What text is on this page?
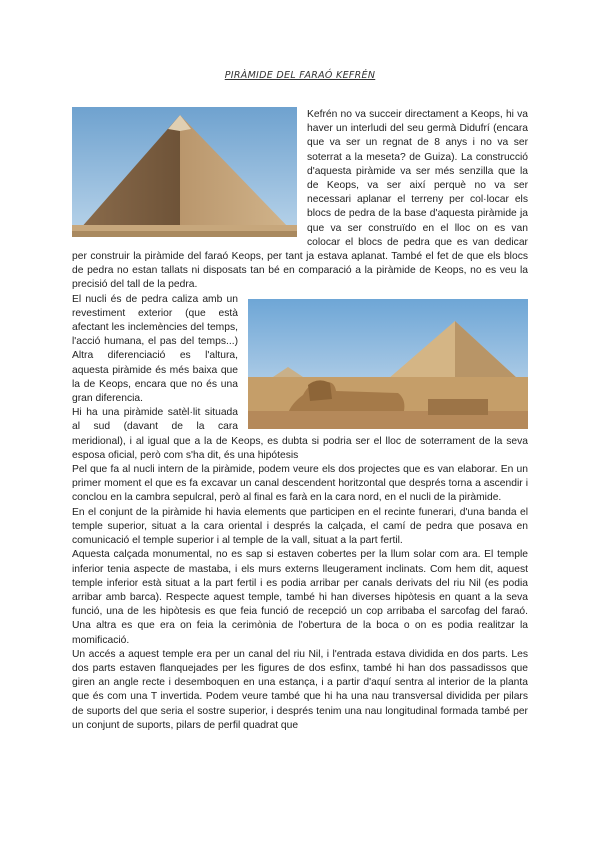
PIRÀMIDE DEL FARAÓ KEFRÉN

Kefrén no va succeir directament a Keops, hi va haver un interludi del seu germà Didufrí (encara que va ser un regnat de 8 anys i no va ser soterrat a la meseta? de Guiza). La construcció d'aquesta piràmide va ser més senzilla que la de Keops, va ser així perquè no va ser necessari aplanar el terreny per col·locar els blocs de pedra de la base d'aquesta piràmide ja que va ser construïdo en el lloc on es van colocar el blocs de pedra que es van dedicar per construir la piràmide del faraó Keops, per tant ja estava aplanat. També el fet de que els blocs de pedra no estan tallats ni disposats tan bé en comparació a la piràmide de Keops, no es veu la precisió del tall de la pedra.

El nucli és de pedra caliza amb un revestiment exterior (que està afectant les inclemències del temps, l'acció humana, el pas del temps...) Altra diferenciació es l'altura, aquesta piràmide és més baixa que la de Keops, encara que no és una gran diferencia.

Hi ha una piràmide satèl·lit situada al sud (davant de la cara meridional), i al igual que a la de Keops, es dubta si podria ser el lloc de soterrament de la seva esposa oficial, però com s'ha dit, és una hipótesis

Pel que fa al nucli intern de la piràmide, podem veure els dos projectes que es van elaborar. En un primer moment el que es fa excavar un canal descendent horitzontal que després torna a ascendir i conclou en la cambra sepulcral, però al final es farà en la cara nord, en el nucli de la piràmide.

En el conjunt de la piràmide hi havia elements que participen en el recinte funerari, d'una banda el temple superior, situat a la cara oriental i després la calçada, el camí de pedra que posava en comunicació el temple superior i al temple de la vall, situat a la part fertil.

Aquesta calçada monumental, no es sap si estaven cobertes per la llum solar com ara. El temple inferior tenia aspecte de mastaba, i els murs externs lleugerament inclinats. Com hem dit, aquest temple inferior està situat a la part fertil i es podia arribar per canals derivats del riu Nil (es podia arribar amb barca). Respecte aquest temple, també hi han diverses hipòtesis en quant a la seva funció, una de les hipòtesis es que feia funció de recepció un cop arribaba el sarcofag del faraó. Una altra es que era on feia la cerimònia de l'obertura de la boca o on es podia realitzar la momificació.

Un accés a aquest temple era per un canal del riu Nil, i l'entrada estava dividida en dos parts. Les dos parts estaven flanquejades per les figures de dos esfinx, també hi han dos passadissos que giren an angle recte i desemboquen en una estança, i a partir d'aquí sentra al interior de la planta que és com una T invertida. Podem veure també que hi ha una nau transversal dividida per pilars de suports del que seria el sostre superior, i després tenim una nau longitudinal formada també per un conjunt de suports, pilars de perfil quadrat que
